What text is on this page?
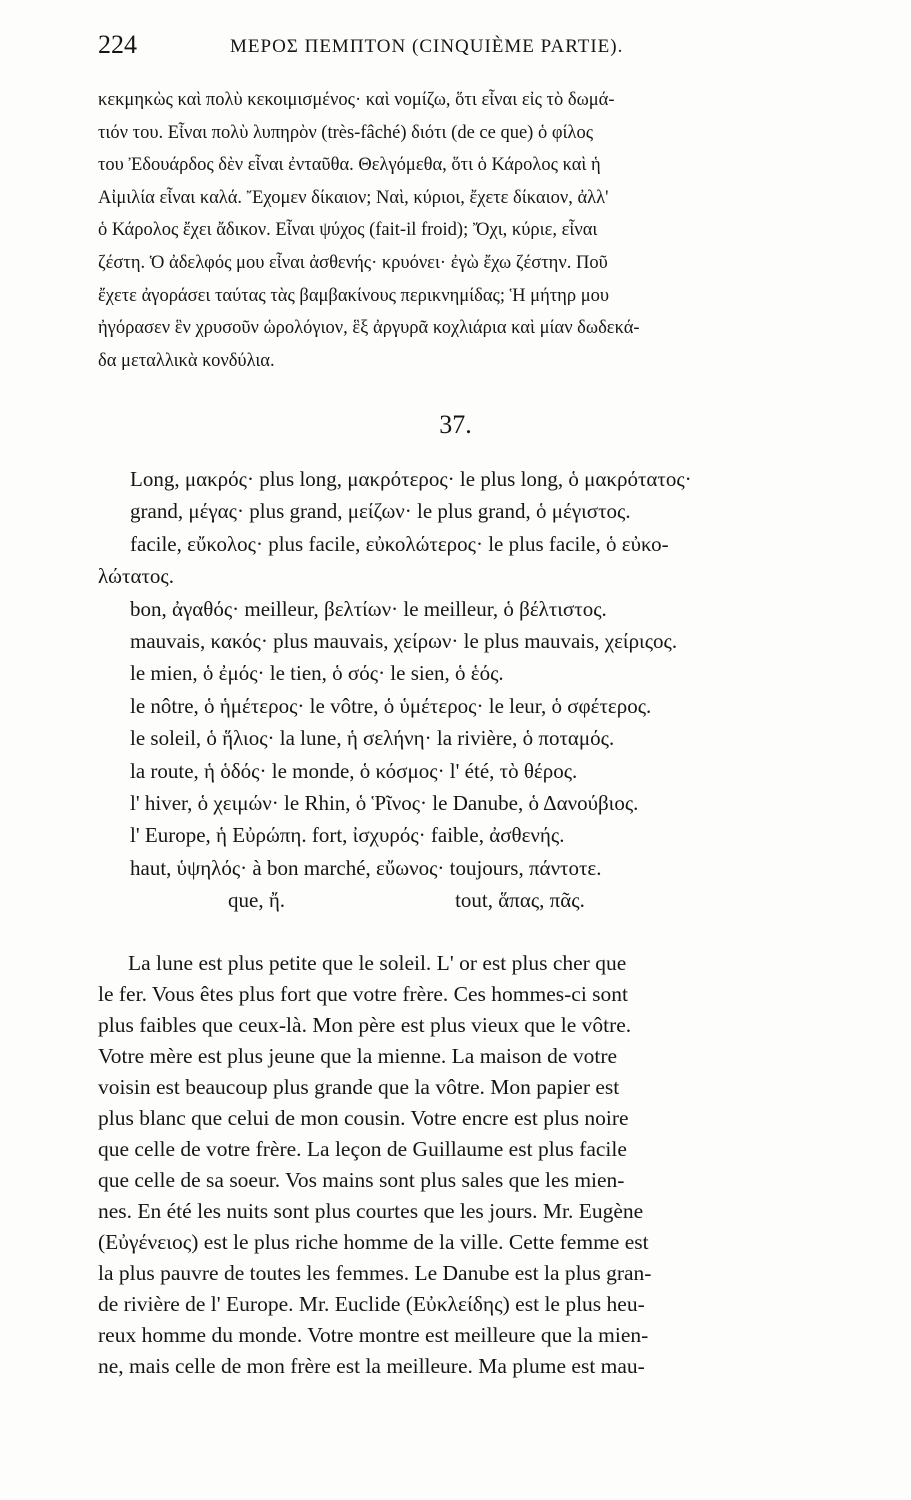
224	ΜΕΡΟΣ ΠΕΜΠΤΟΝ (CINQUIÈME PARTIE).
κεκμηκὼς καὶ πολὺ κεκοιμισμένος· καὶ νομίζω, ὅτι εἶναι εἰς τὸ δωμά-
τιόν του. Εἶναι πολὺ λυπηρὸν (très-fâché) διότι (de ce que) ὁ φίλος
του Ἐδουάρδος δὲν εἶναι ἐνταῦθα. Θελγόμεθα, ὅτι ὁ Κάρολος καὶ ἡ
Αἰμιλία εἶναι καλά. Ἔχομεν δίκαιον; Ναὶ, κύριοι, ἔχετε δίκαιον, ἀλλ'
ὁ Κάρολος ἔχει ἄδικον. Εἶναι ψύχος (fait-il froid); Ὄχι, κύριε, εἶναι
ζέστη. Ὁ ἀδελφός μου εἶναι ἀσθενής· κρυόνει· ἐγὼ ἔχω ζέστην. Ποῦ
ἔχετε ἀγοράσει ταύτας τὰς βαμβακίνους περικνημίδας; Ἡ μήτηρ μου
ἠγόρασεν ἓν χρυσοῦν ὡρολόγιον, ἓξ ἀργυρᾶ κοχλιάρια καὶ μίαν δωδεκά-
δα μεταλλικὰ κονδύλια.
37.
Long, μακρός· plus long, μακρότερος· le plus long, ὁ μακρότατος·
grand, μέγας· plus grand, μείζων· le plus grand, ὁ μέγιστος.
facile, εὔκολος· plus facile, εὐκολώτερος· le plus facile, ὁ εὐκο-
λώτατος.
bon, ἀγαθός· meilleur, βελτίων· le meilleur, ὁ βέλτιστος.
mauvais, κακός· plus mauvais, χείρων· le plus mauvais, χείριςος.
le mien, ὁ ἐμός· le tien, ὁ σός· le sien, ὁ ἑός.
le nôtre, ὁ ἡμέτερος· le vôtre, ὁ ὑμέτερος· le leur, ὁ σφέτερος.
le soleil, ὁ ἥλιος· la lune, ἡ σελήνη· la rivière, ὁ ποταμός.
la route, ἡ ὁδός· le monde, ὁ κόσμος· l' été, τὸ θέρος.
l' hiver, ὁ χειμών· le Rhin, ὁ Ῥῖνος· le Danube, ὁ Δανούβιος.
l' Europe, ἡ Εὐρώπη. fort, ἰσχυρός· faible, ἀσθενής.
haut, ὑψηλός· à bon marché, εὔωνος· toujours, πάντοτε.
que, ἤ.	tout, ἅπας, πᾶς.
La lune est plus petite que le soleil. L' or est plus cher que
le fer. Vous êtes plus fort que votre frère. Ces hommes-ci sont
plus faibles que ceux-là. Mon père est plus vieux que le vôtre.
Votre mère est plus jeune que la mienne. La maison de votre
voisin est beaucoup plus grande que la vôtre. Mon papier est
plus blanc que celui de mon cousin. Votre encre est plus noire
que celle de votre frère. La leçon de Guillaume est plus facile
que celle de sa soeur. Vos mains sont plus sales que les mien-
nes. En été les nuits sont plus courtes que les jours. Mr. Eugène
(Εὐγένειος) est le plus riche homme de la ville. Cette femme est
la plus pauvre de toutes les femmes. Le Danube est la plus gran-
de rivière de l' Europe. Mr. Euclide (Εὐκλείδης) est le plus heu-
reux homme du monde. Votre montre est meilleure que la mien-
ne, mais celle de mon frère est la meilleure. Ma plume est mau-
